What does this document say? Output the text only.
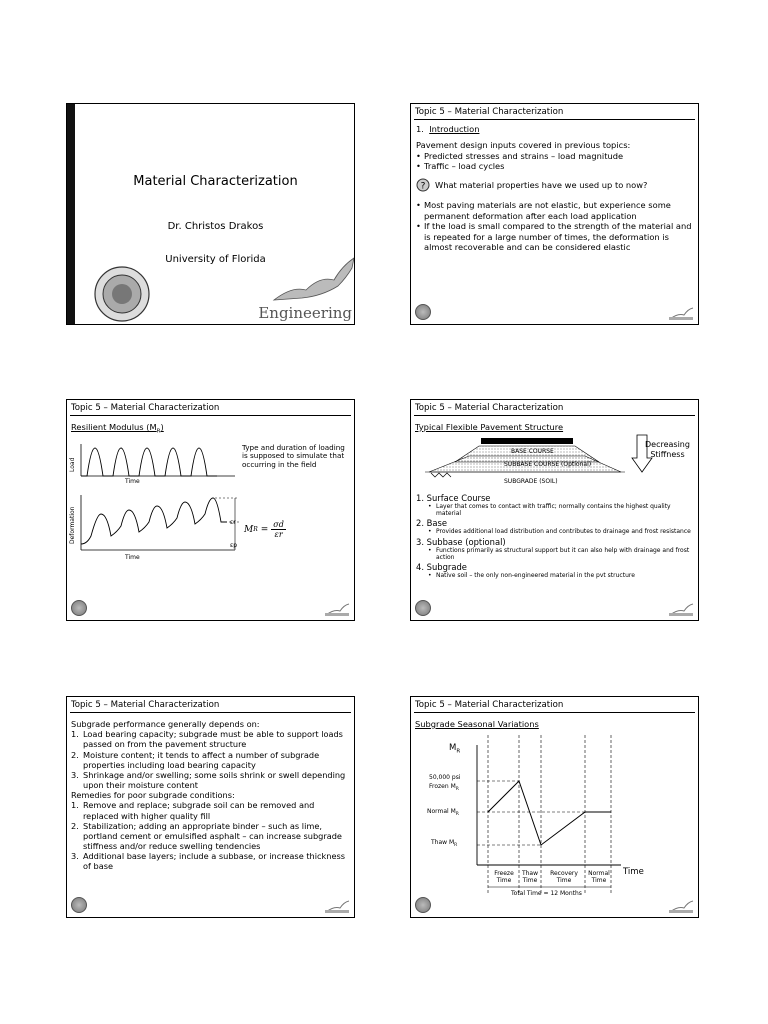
Material Characterization
Dr. Christos Drakos
University of Florida
Engineering
Topic 5 – Material Characterization

1. Introduction

Pavement design inputs covered in previous topics:

• Predicted stresses and strains – load magnitude
• Traffic – load cycles
? What material properties have we used up to now?
• Most paving materials are not elastic, but experience some permanent deformation after each load application
• If the load is small compared to the strength of the material and is repeated for a large number of times, the deformation is almost recoverable and can be considered elastic
Topic 5 – Material Characterization
Resilient Modulus $(M_R)$
Type and duration of loading is supposed to simulate that occurring in the field
Load
Time
Deformation
Time
εr
εp
M $R = \frac{\sigma d}{\varepsilon r}$
Topic 5 – Material Characterization
Typical Flexible Pavement Structure
BASE COURSE
SUBBASE COURSE (Optional)
SUBGRADE (SOIL)
Decreasing
Stiffness
1. Surface Course
• Layer that comes to contact with traffic; normally contains the highest quality material
2. Base
• Provides additional load distribution and contributes to drainage and frost resistance
3. Subbase (optional)
• Functions primarily as structural support but it can also help with drainage and frost action
4. Subgrade
• Native soil – the only non-engineered material in the pvt structure
Topic 5 – Material Characterization
Subgrade performance generally depends on:
1. Load bearing capacity; subgrade must be able to support loads passed on from the pavement structure
2. Moisture content; it tends to affect a number of subgrade properties including load bearing capacity
3. Shrinkage and/or swelling; some soils shrink or swell depending upon their moisture content
Remedies for poor subgrade conditions:
1. Remove and replace; subgrade soil can be removed and replaced with higher quality fill
2. Stabilization; adding an appropriate binder – such as lime, portland cement or emulsified asphalt – can increase subgrade stiffness and/or reduce swelling tendencies
3. Additional base layers; include a subbase, or increase thickness of base
Topic 5 – Material Characterization
Subgrade Seasonal Variations
$M_R$
50,000 psi
Frozen $M_R$
Normal $M_R$
Thaw $M_R$
Time
Freeze
Time
Thaw
Time
Recovery
Time
Normal
Time
Total Time = 12 Months
